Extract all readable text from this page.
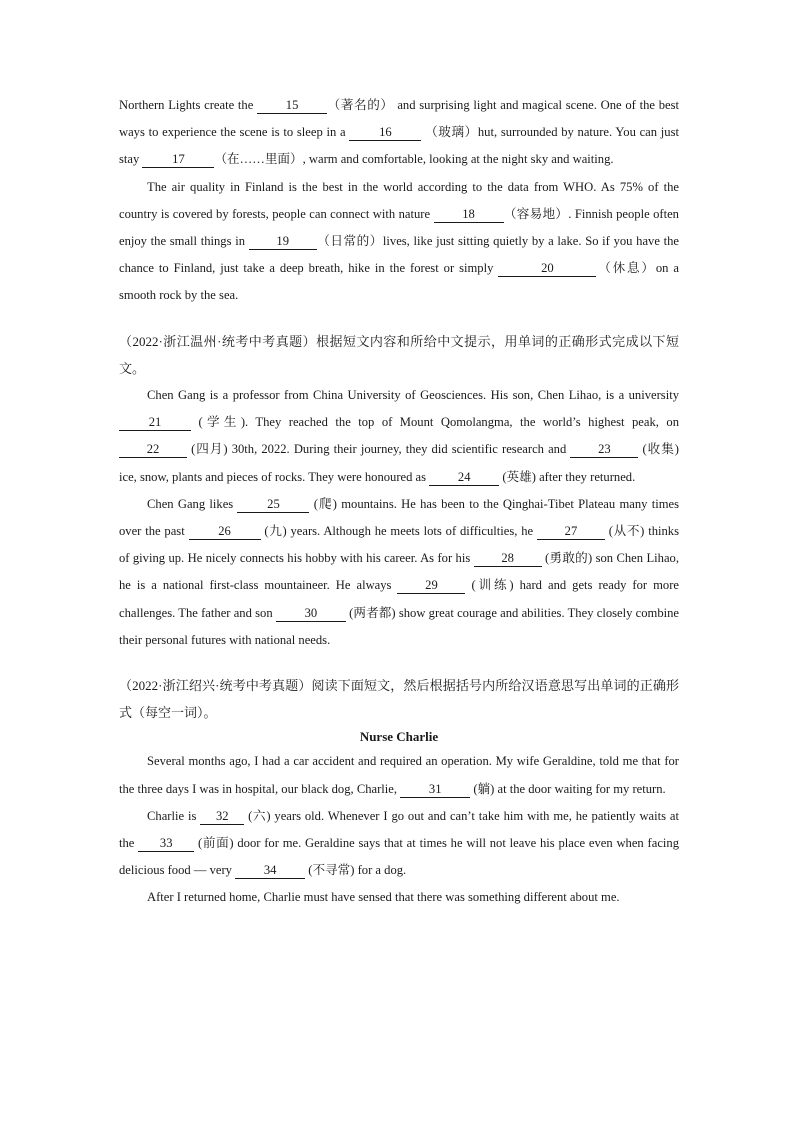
Northern Lights create the 15 （著名的） and surprising light and magical scene. One of the best ways to experience the scene is to sleep in a 16 （玻璃）hut, surrounded by nature. You can just stay 17 （在……里面）, warm and comfortable, looking at the night sky and waiting.

The air quality in Finland is the best in the world according to the data from WHO. As 75% of the country is covered by forests, people can connect with nature 18 （容易地）. Finnish people often enjoy the small things in 19 （日常的）lives, like just sitting quietly by a lake. So if you have the chance to Finland, just take a deep breath, hike in the forest or simply	20	（休息）on a smooth rock by the sea.

（2022·浙江温州·统考中考真题）根据短文内容和所给中文提示，用单词的正确形式完成以下短文。

Chen Gang is a professor from China University of Geosciences. His son, Chen Lihao, is a university 21 (学生). They reached the top of Mount Qomolangma, the world’s highest peak, on 22 (四月) 30th, 2022. During their journey, they did scientific research and 23 (收集) ice, snow, plants and pieces of rocks. They were honoured as 24 (英雄) after they returned.

Chen Gang likes 25 (爬) mountains. He has been to the Qinghai-Tibet Plateau many times over the past 26 (九) years. Although he meets lots of difficulties, he 27 (从不) thinks of giving up. He nicely connects his hobby with his career. As for his 28 (勇敢的) son Chen Lihao, he is a national first-class mountaineer. He always 29 (训练) hard and gets ready for more challenges. The father and son 30 (两者都) show great courage and abilities. They closely combine their personal futures with national needs.

（2022·浙江绍兴·统考中考真题）阅读下面短文，然后根据括号内所给汉语意思写出单词的正确形式（每空一词）。

Nurse Charlie

Several months ago, I had a car accident and required an operation. My wife Geraldine, told me that for the three days I was in hospital, our black dog, Charlie, 31 (躺) at the door waiting for my return.

Charlie is 32 (六) years old. Whenever I go out and can’t take him with me, he patiently waits at the 33 (前面) door for me. Geraldine says that at times he will not leave his place even when facing delicious food — very 34 (不寻常) for a dog.

After I returned home, Charlie must have sensed that there was something different about me.
